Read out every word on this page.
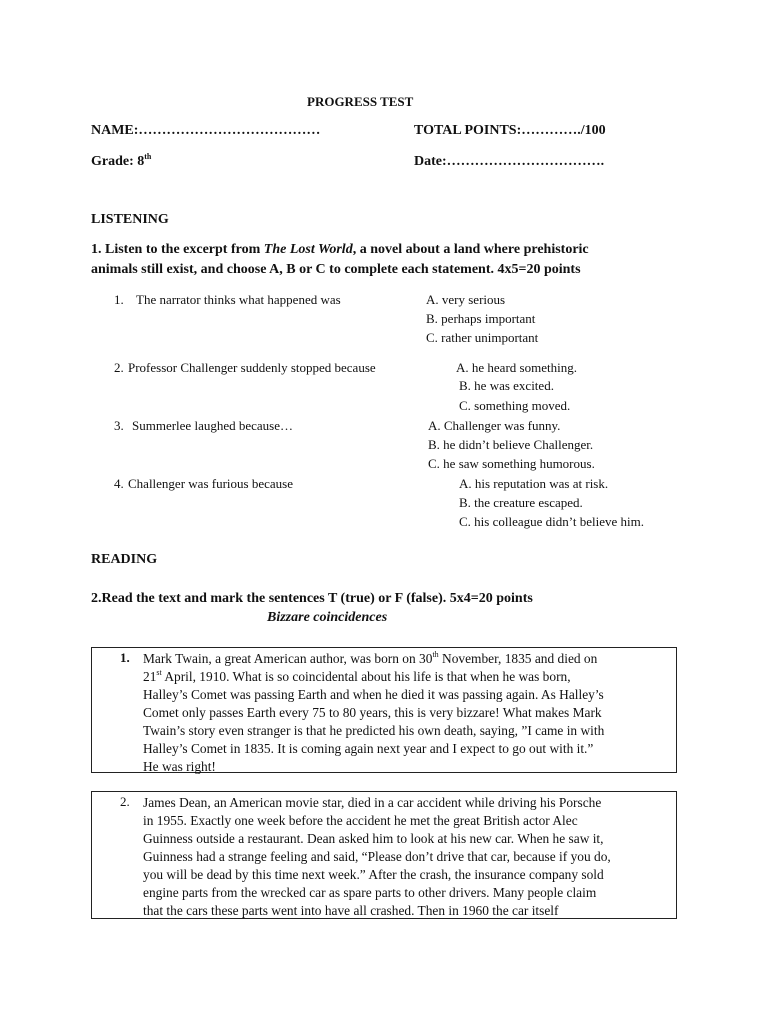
PROGRESS TEST
NAME:…………………………………	TOTAL POINTS:…………./100
Grade: 8th	Date:…………………………….
LISTENING
1. Listen to the excerpt from The Lost World, a novel about a land where prehistoric
animals still exist, and choose A, B or C to complete each statement. 4x5=20 points
1. The narrator thinks what happened was	A. very serious
B. perhaps important
C. rather unimportant
2. Professor Challenger suddenly stopped because	A. he heard something.
B. he was excited.
C. something moved.
3. Summerlee laughed because…	A. Challenger was funny.
B. he didn’t believe Challenger.
C. he saw something humorous.
4. Challenger was furious because	A. his reputation was at risk.
B. the creature escaped.
C. his colleague didn’t believe him.
READING
2.Read the text and mark the sentences T (true) or F (false). 5x4=20 points
Bizzare coincidences
1. Mark Twain, a great American author, was born on 30th November, 1835 and died on
21st April, 1910. What is so coincidental about his life is that when he was born,
Halley’s Comet was passing Earth and when he died it was passing again. As Halley’s
Comet only passes Earth every 75 to 80 years, this is very bizzare! What makes Mark
Twain’s story even stranger is that he predicted his own death, saying, ”I came in with
Halley’s Comet in 1835. It is coming again next year and I expect to go out with it.”
He was right!
2. James Dean, an American movie star, died in a car accident while driving his Porsche
in 1955. Exactly one week before the accident he met the great British actor Alec
Guinness outside a restaurant. Dean asked him to look at his new car. When he saw it,
Guinness had a strange feeling and said, “Please don’t drive that car, because if you do,
you will be dead by this time next week.” After the crash, the insurance company sold
engine parts from the wrecked car as spare parts to other drivers. Many people claim
that the cars these parts went into have all crashed. Then in 1960 the car itself
